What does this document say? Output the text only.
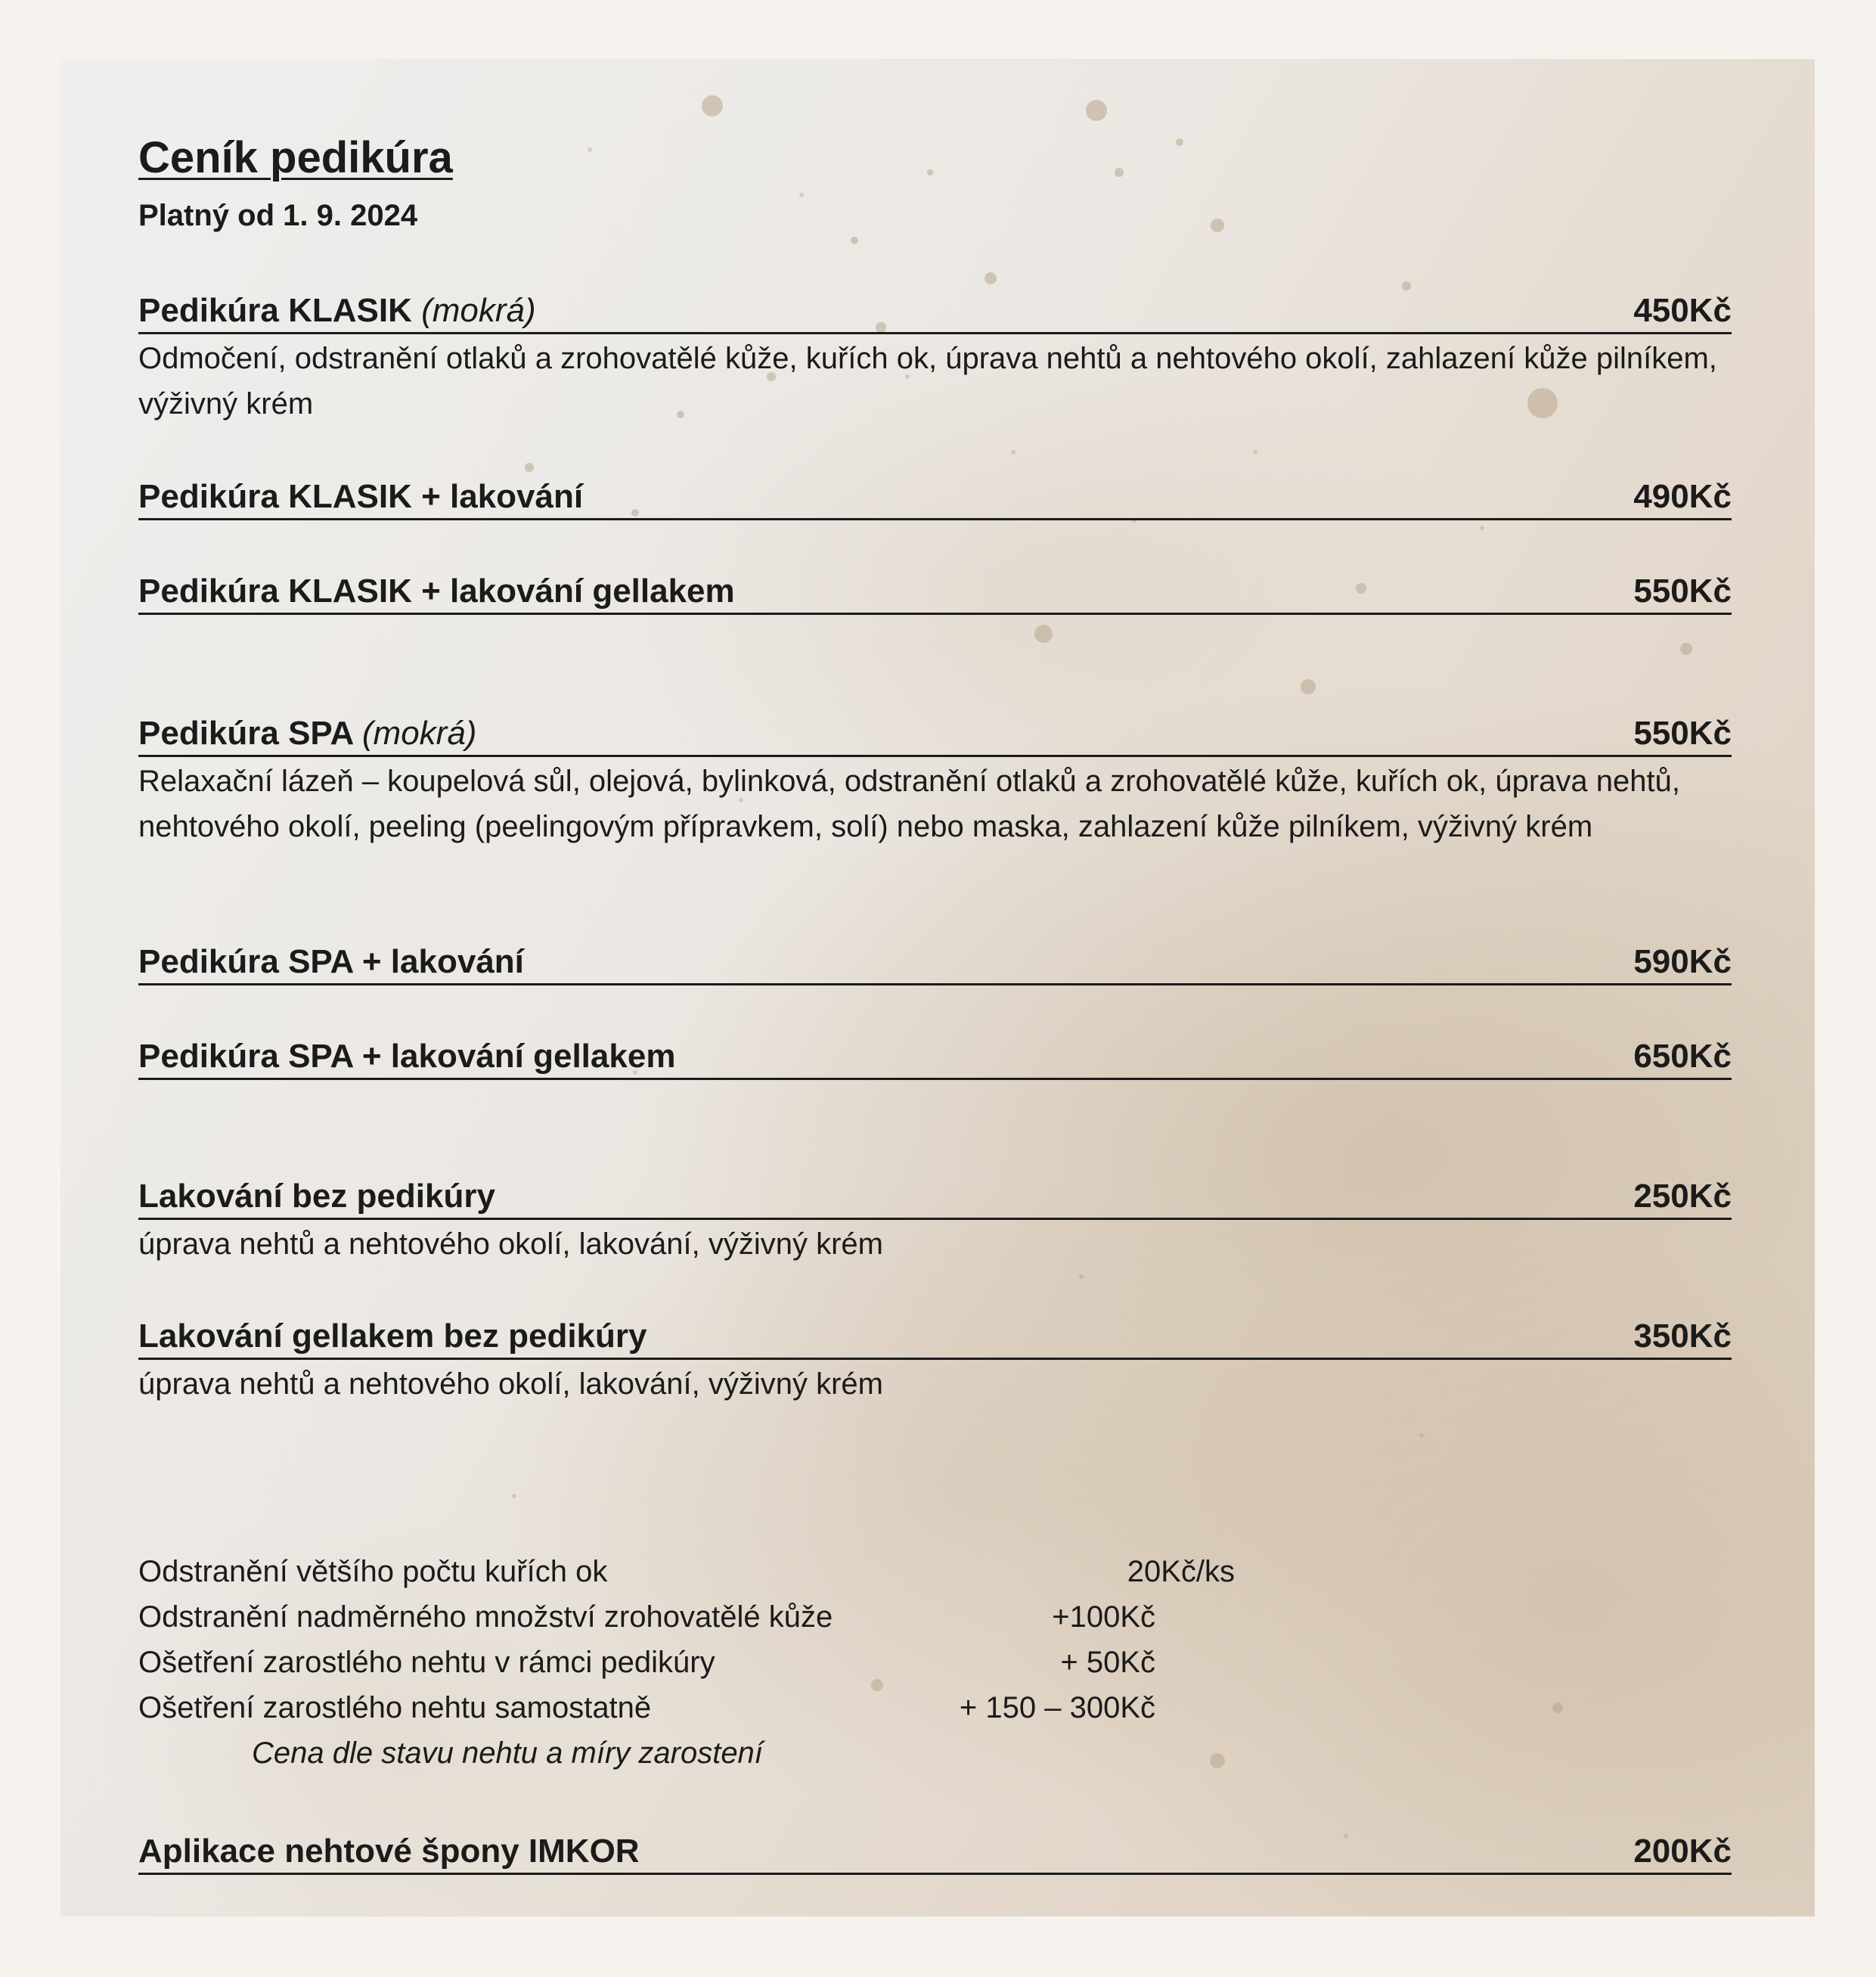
Ceník pedikúra
Platný od 1. 9. 2024
Pedikúra KLASIK (mokrá)	450Kč
Odmočení, odstranění otlaků a zrohovatělé kůže, kuřích ok, úprava nehtů a nehtového okolí, zahlazení kůže pilníkem, výživný krém
Pedikúra KLASIK + lakování	490Kč
Pedikúra KLASIK + lakování gellakem	550Kč
Pedikúra SPA (mokrá)	550Kč
Relaxační lázeň – koupelová sůl, olejová, bylinková, odstranění otlaků a zrohovatělé kůže, kuřích ok, úprava nehtů, nehtového okolí, peeling (peelingovým přípravkem, solí) nebo maska, zahlazení kůže pilníkem, výživný krém
Pedikúra SPA + lakování	590Kč
Pedikúra SPA + lakování gellakem	650Kč
Lakování bez pedikúry	250Kč
úprava nehtů a nehtového okolí, lakování, výživný krém
Lakování gellakem bez pedikúry	350Kč
úprava nehtů a nehtového okolí, lakování, výživný krém
Odstranění většího počtu kuřích ok	20Kč/ks
Odstranění nadměrného množství zrohovatělé kůže	+100Kč
Ošetření zarostlého nehtu v rámci pedikúry	+ 50Kč
Ošetření zarostlého nehtu samostatně	+ 150 – 300Kč
Cena dle stavu nehtu a míry zarostení
Aplikace nehtové špony IMKOR	200Kč
